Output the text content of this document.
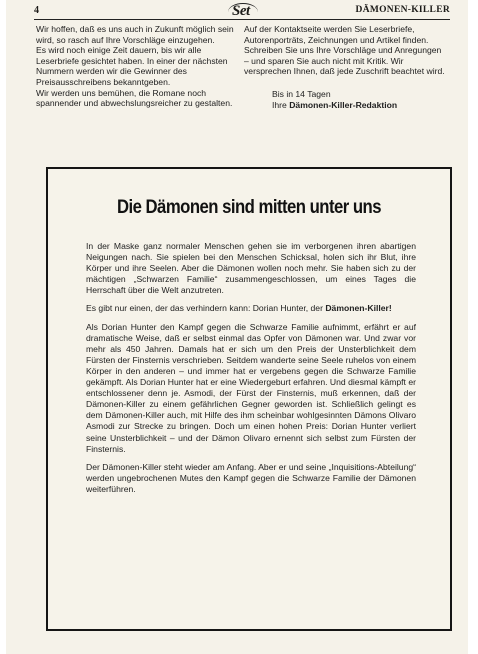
4	Set	DÄMONEN-KILLER

Wir hoffen, daß es uns auch in Zukunft möglich sein wird, so rasch auf Ihre Vorschläge einzugehen.

Es wird noch einige Zeit dauern, bis wir alle Leserbriefe gesichtet haben. In einer der nächsten Nummern werden wir die Gewinner des Preisausschreibens bekanntgeben.

Wir werden uns bemühen, die Romane noch spannender und abwechslungsreicher zu gestalten.

Auf der Kontaktseite werden Sie Leserbriefe, Autorenporträts, Zeichnungen und Artikel finden. Schreiben Sie uns Ihre Vorschläge und Anregungen – und sparen Sie auch nicht mit Kritik. Wir versprechen Ihnen, daß jede Zuschrift beachtet wird.

Bis in 14 Tagen
Ihre Dämonen-Killer-Redaktion

Die Dämonen sind mitten unter uns

In der Maske ganz normaler Menschen gehen sie im verborgenen ihren abartigen Neigungen nach. Sie spielen bei den Menschen Schicksal, holen sich ihr Blut, ihre Körper und ihre Seelen. Aber die Dämonen wollen noch mehr. Sie haben sich zu der mächtigen „Schwarzen Familie“ zusammengeschlossen, um eines Tages die Herrschaft über die Welt anzutreten.

Es gibt nur einen, der das verhindern kann: Dorian Hunter, der Dämonen-Killer!

Als Dorian Hunter den Kampf gegen die Schwarze Familie aufnimmt, erfährt er auf dramatische Weise, daß er selbst einmal das Opfer von Dämonen war. Und zwar vor mehr als 450 Jahren. Damals hat er sich um den Preis der Unsterblichkeit dem Fürsten der Finsternis verschrieben. Seitdem wanderte seine Seele ruhelos von einem Körper in den anderen – und immer hat er vergebens gegen die Schwarze Familie gekämpft. Als Dorian Hunter hat er eine Wiedergeburt erfahren. Und diesmal kämpft er entschlossener denn je. Asmodi, der Fürst der Finsternis, muß erkennen, daß der Dämonen-Killer zu einem gefährlichen Gegner geworden ist. Schließlich gelingt es dem Dämonen-Killer auch, mit Hilfe des ihm scheinbar wohlgesinnten Dämons Olivaro Asmodi zur Strecke zu bringen. Doch um einen hohen Preis: Dorian Hunter verliert seine Unsterblichkeit – und der Dämon Olivaro ernennt sich selbst zum Fürsten der Finsternis.

Der Dämonen-Killer steht wieder am Anfang. Aber er und seine „Inquisitions-Abteilung“ werden ungebrochenen Mutes den Kampf gegen die Schwarze Familie der Dämonen weiterführen.
